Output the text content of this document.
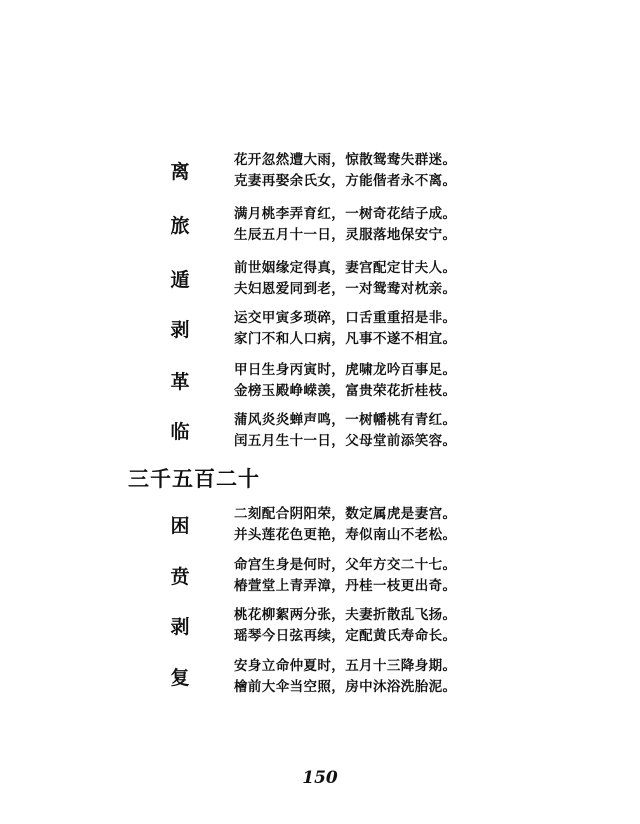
离
花开忽然遭大雨，惊散鸳鸯失群迷。
克妻再娶余氏女，方能偕者永不离。
旅
满月桃李弄育红，一树奇花结子成。
生辰五月十一日，灵服落地保安宁。
遁
前世姻缘定得真，妻宫配定甘夫人。
夫妇恩爱同到老，一对鸳鸯对枕亲。
剥
运交甲寅多琐碎，口舌重重招是非。
家门不和人口病，凡事不遂不相宜。
革
甲日生身丙寅时，虎啸龙吟百事足。
金榜玉殿峥嵘羡，富贵荣花折桂枝。
临
蒲风炎炎蝉声鸣，一树幡桃有青红。
闰五月生十一日，父母堂前添笑容。
三千五百二十
困
二刻配合阴阳荣，数定属虎是妻宫。
并头莲花色更艳，寿似南山不老松。
贲
命宫生身是何时，父年方交二十七。
椿萱堂上青弄漳，丹桂一枝更出奇。
剥
桃花柳絮两分张，夫妻折散乱飞扬。
瑶琴今日弦再续，定配黄氏寿命长。
复
安身立命仲夏时，五月十三降身期。
檜前大伞当空照，房中沐浴洗胎泥。
150
